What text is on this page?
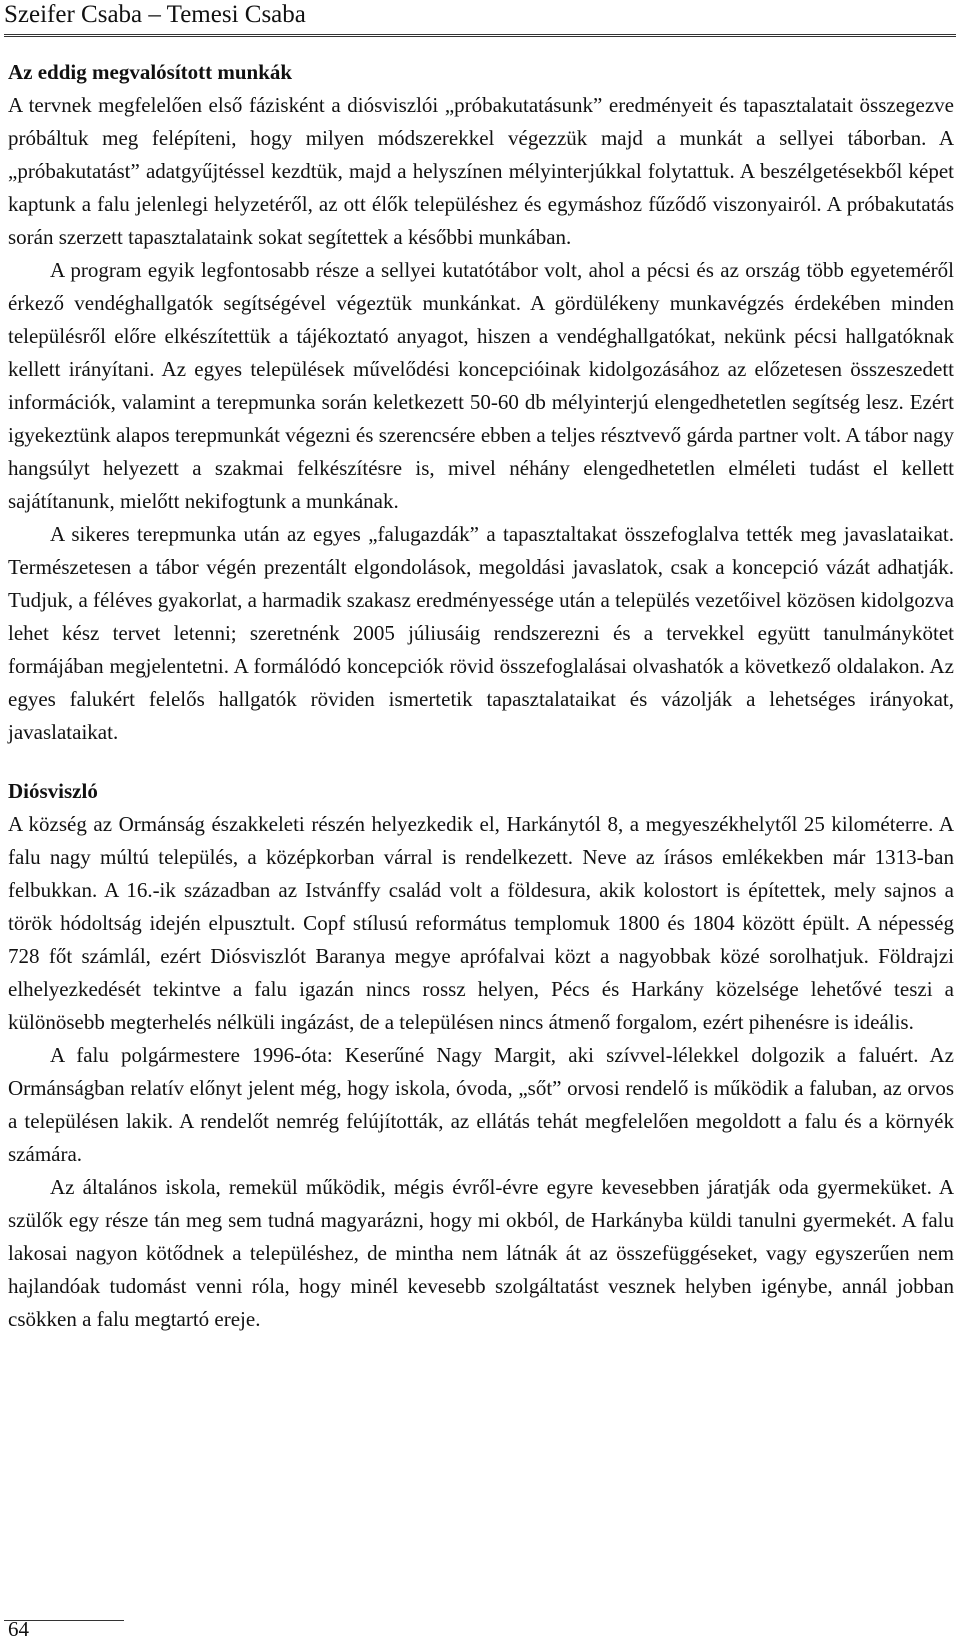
Szeifer Csaba – Temesi Csaba
Az eddig megvalósított munkák

A tervnek megfelelően első fázisként a diósviszlói „próbakutatásunk” eredményeit és tapasztalatait összegezve próbáltuk meg felépíteni, hogy milyen módszerekkel végezzük majd a munkát a sellyei táborban. A „próbakutatást” adatgyűjtéssel kezdtük, majd a helyszínen mélyinterjúkkal folytattuk. A beszélgetésekből képet kaptunk a falu jelenlegi helyzetéről, az ott élők településhez és egymáshoz fűződő viszonyairól. A próbakutatás során szerzett tapasztalataink sokat segítettek a későbbi munkában.

A program egyik legfontosabb része a sellyei kutatótábor volt, ahol a pécsi és az ország több egyeteméről érkező vendéghallgatók segítségével végeztük munkánkat. A gördülékeny munkavégzés érdekében minden településről előre elkészítettük a tájékoztató anyagot, hiszen a vendéghallgatókat, nekünk pécsi hallgatóknak kellett irányítani. Az egyes települések művelődési koncepcióinak kidolgozásához az előzetesen összeszedett információk, valamint a terepmunka során keletkezett 50-60 db mélyinterjú elengedhetetlen segítség lesz. Ezért igyekeztünk alapos terepmunkát végezni és szerencsére ebben a teljes résztvevő gárda partner volt. A tábor nagy hangsúlyt helyezett a szakmai felkészítésre is, mivel néhány elengedhetetlen elméleti tudást el kellett sajátítanunk, mielőtt nekifogtunk a munkának.

A sikeres terepmunka után az egyes „falugazdák” a tapasztaltakat összefoglalva tették meg javaslataikat. Természetesen a tábor végén prezentált elgondolások, megoldási javaslatok, csak a koncepció vázát adhatják. Tudjuk, a féléves gyakorlat, a harmadik szakasz eredményessége után a település vezetőivel közösen kidolgozva lehet kész tervet letenni; szeretnénk 2005 júliusáig rendszerezni és a tervekkel együtt tanulmánykötet formájában megjelentetni. A formálódó koncepciók rövid összefoglalásai olvashatók a következő oldalakon. Az egyes falukért felelős hallgatók röviden ismertetik tapasztalataikat és vázolják a lehetséges irányokat, javaslataikat.

Diósviszló

A község az Ormánság északkeleti részén helyezkedik el, Harkánytól 8, a megyeszékhelytől 25 kilométerre. A falu nagy múltú település, a középkorban várral is rendelkezett. Neve az írásos emlékekben már 1313-ban felbukkan. A 16.-ik században az Istvánffy család volt a földesura, akik kolostort is építettek, mely sajnos a török hódoltság idején elpusztult. Copf stílusú református templomuk 1800 és 1804 között épült. A népesség 728 főt számlál, ezért Diósviszlót Baranya megye aprófalvai közt a nagyobbak közé sorolhatjuk. Földrajzi elhelyezkedését tekintve a falu igazán nincs rossz helyen, Pécs és Harkány közelsége lehetővé teszi a különösebb megterhelés nélküli ingázást, de a településen nincs átmenő forgalom, ezért pihenésre is ideális.

A falu polgármestere 1996-óta: Keserűné Nagy Margit, aki szívvel-lélekkel dolgozik a faluért. Az Ormánságban relatív előnyt jelent még, hogy iskola, óvoda, „sőt” orvosi rendelő is működik a faluban, az orvos a településen lakik. A rendelőt nemrég felújították, az ellátás tehát megfelelően megoldott a falu és a környék számára.

Az általános iskola, remekül működik, mégis évről-évre egyre kevesebben járatják oda gyermeküket. A szülők egy része tán meg sem tudná magyarázni, hogy mi okból, de Harkányba küldi tanulni gyermekét. A falu lakosai nagyon kötődnek a településhez, de mintha nem látnák át az összefüggéseket, vagy egyszerűen nem hajlandóak tudomást venni róla, hogy minél kevesebb szolgáltatást vesznek helyben igénybe, annál jobban csökken a falu megtartó ereje.

64
